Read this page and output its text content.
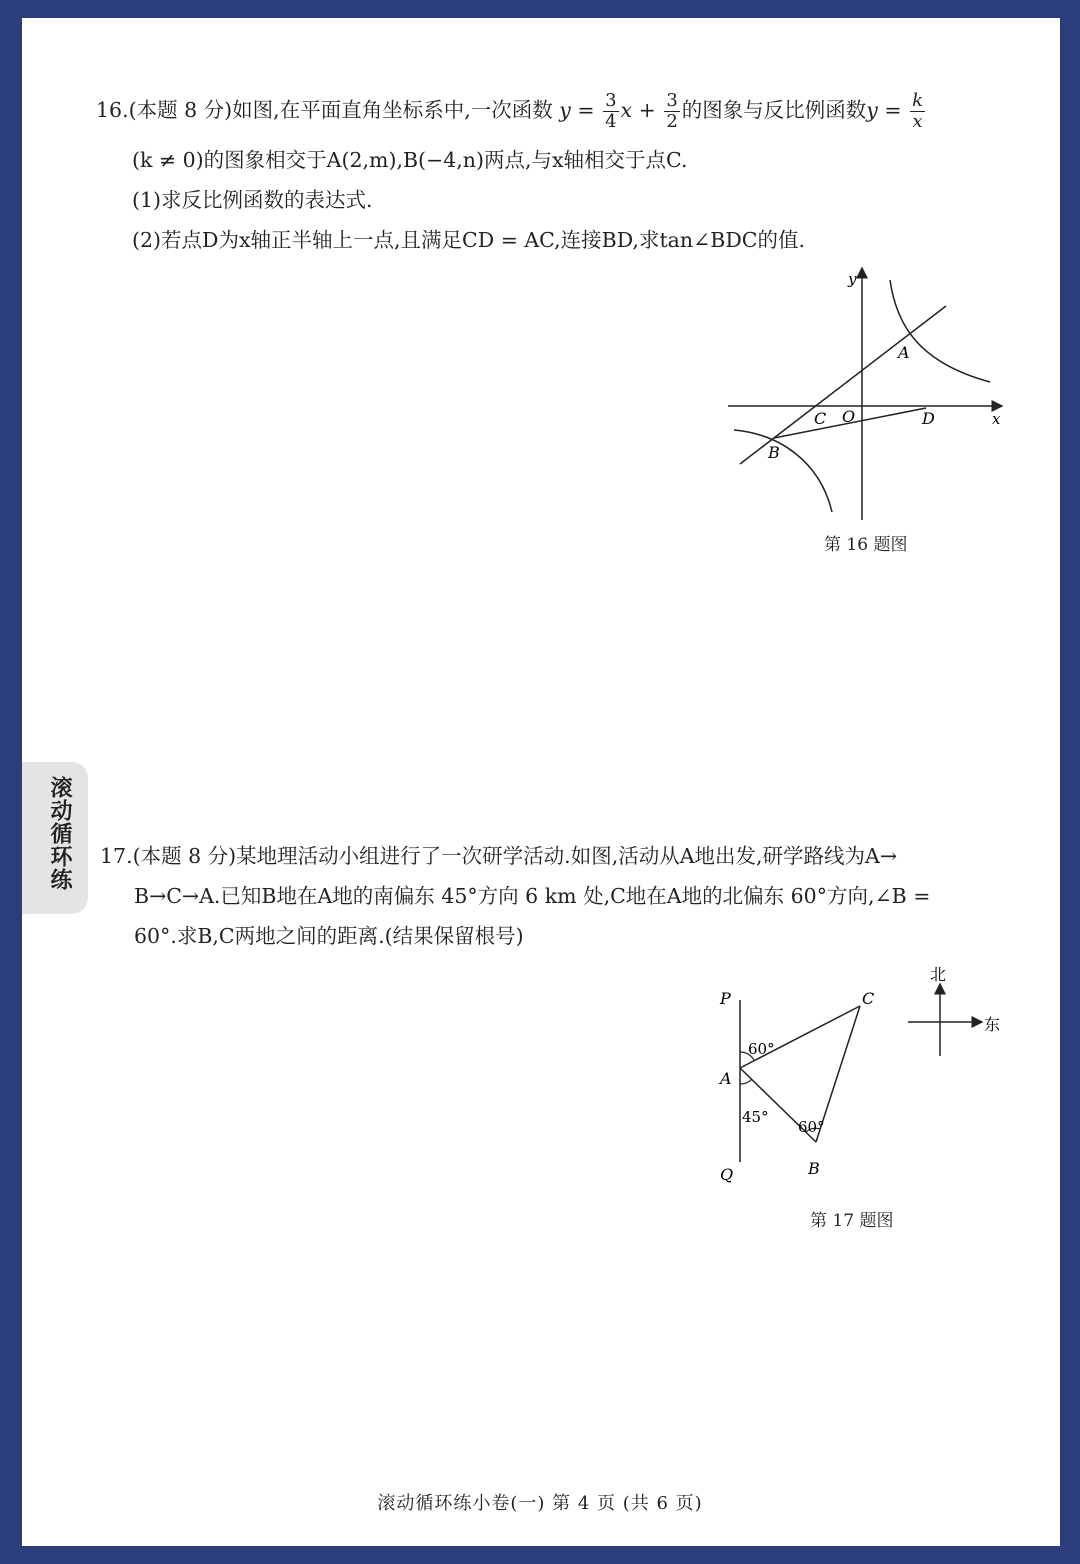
滚动循环练
16.(本题 8 分)如图,在平面直角坐标系中,一次函数 $y = \frac{3}{4}$ $x + \frac{3}{2}$ 的图象与反比例函数$y = \frac{k}{x}$
(k ≠ 0)的图象相交于A(2,m),B(−4,n)两点,与x轴相交于点C.
(1)求反比例函数的表达式.
(2)若点D为x轴正半轴上一点,且满足CD = AC,连接BD,求tan∠BDC的值.
y
x
A
C O	D
B
第 16 题图
17.(本题 8 分)某地理活动小组进行了一次研学活动.如图,活动从A地出发,研学路线为A→
B→C→A.已知B地在A地的南偏东 45°方向 6 km 处,C地在A地的北偏东 60°方向,∠B =
60°.求B,C两地之间的距离.(结果保留根号)
P
Q
A
C
B
60°
45°
60°
北
东
第 17 题图
滚动循环练小卷(一) 第 4 页 (共 6 页)
